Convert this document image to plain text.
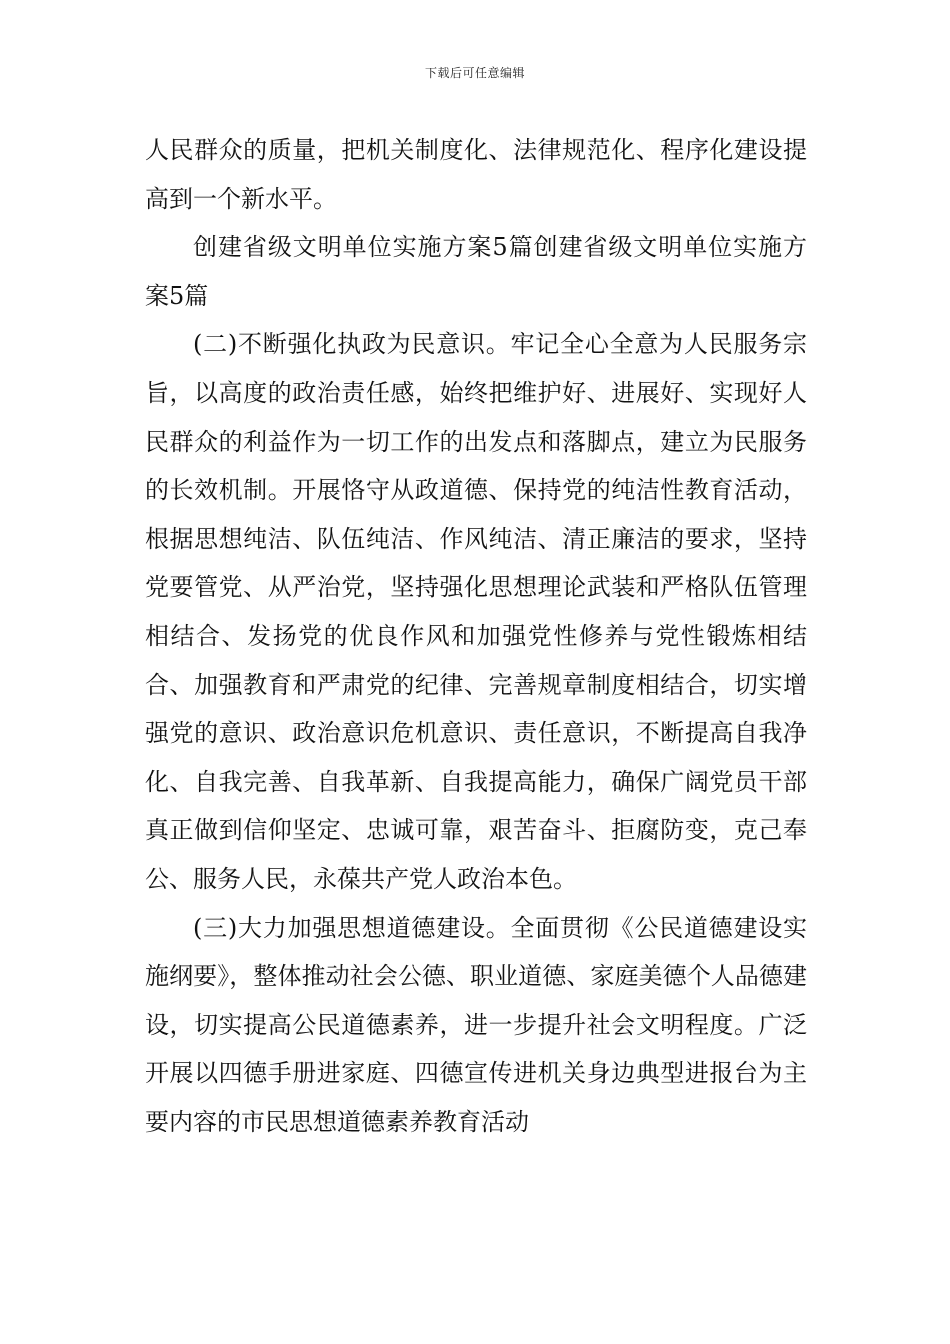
下载后可任意编辑

人民群众的质量，把机关制度化、法律规范化、程序化建设提高到一个新水平。

创建省级文明单位实施方案5篇创建省级文明单位实施方案5篇

(二)不断强化执政为民意识。牢记全心全意为人民服务宗旨，以高度的政治责任感，始终把维护好、进展好、实现好人民群众的利益作为一切工作的出发点和落脚点，建立为民服务的长效机制。开展恪守从政道德、保持党的纯洁性教育活动，根据思想纯洁、队伍纯洁、作风纯洁、清正廉洁的要求，坚持党要管党、从严治党，坚持强化思想理论武装和严格队伍管理相结合、发扬党的优良作风和加强党性修养与党性锻炼相结合、加强教育和严肃党的纪律、完善规章制度相结合，切实增强党的意识、政治意识危机意识、责任意识，不断提高自我净化、自我完善、自我革新、自我提高能力，确保广阔党员干部真正做到信仰坚定、忠诚可靠，艰苦奋斗、拒腐防变，克己奉公、服务人民，永葆共产党人政治本色。

(三)大力加强思想道德建设。全面贯彻《公民道德建设实施纲要》，整体推动社会公德、职业道德、家庭美德个人品德建设，切实提高公民道德素养，进一步提升社会文明程度。广泛开展以四德手册进家庭、四德宣传进机关身边典型进报台为主要内容的市民思想道德素养教育活动
